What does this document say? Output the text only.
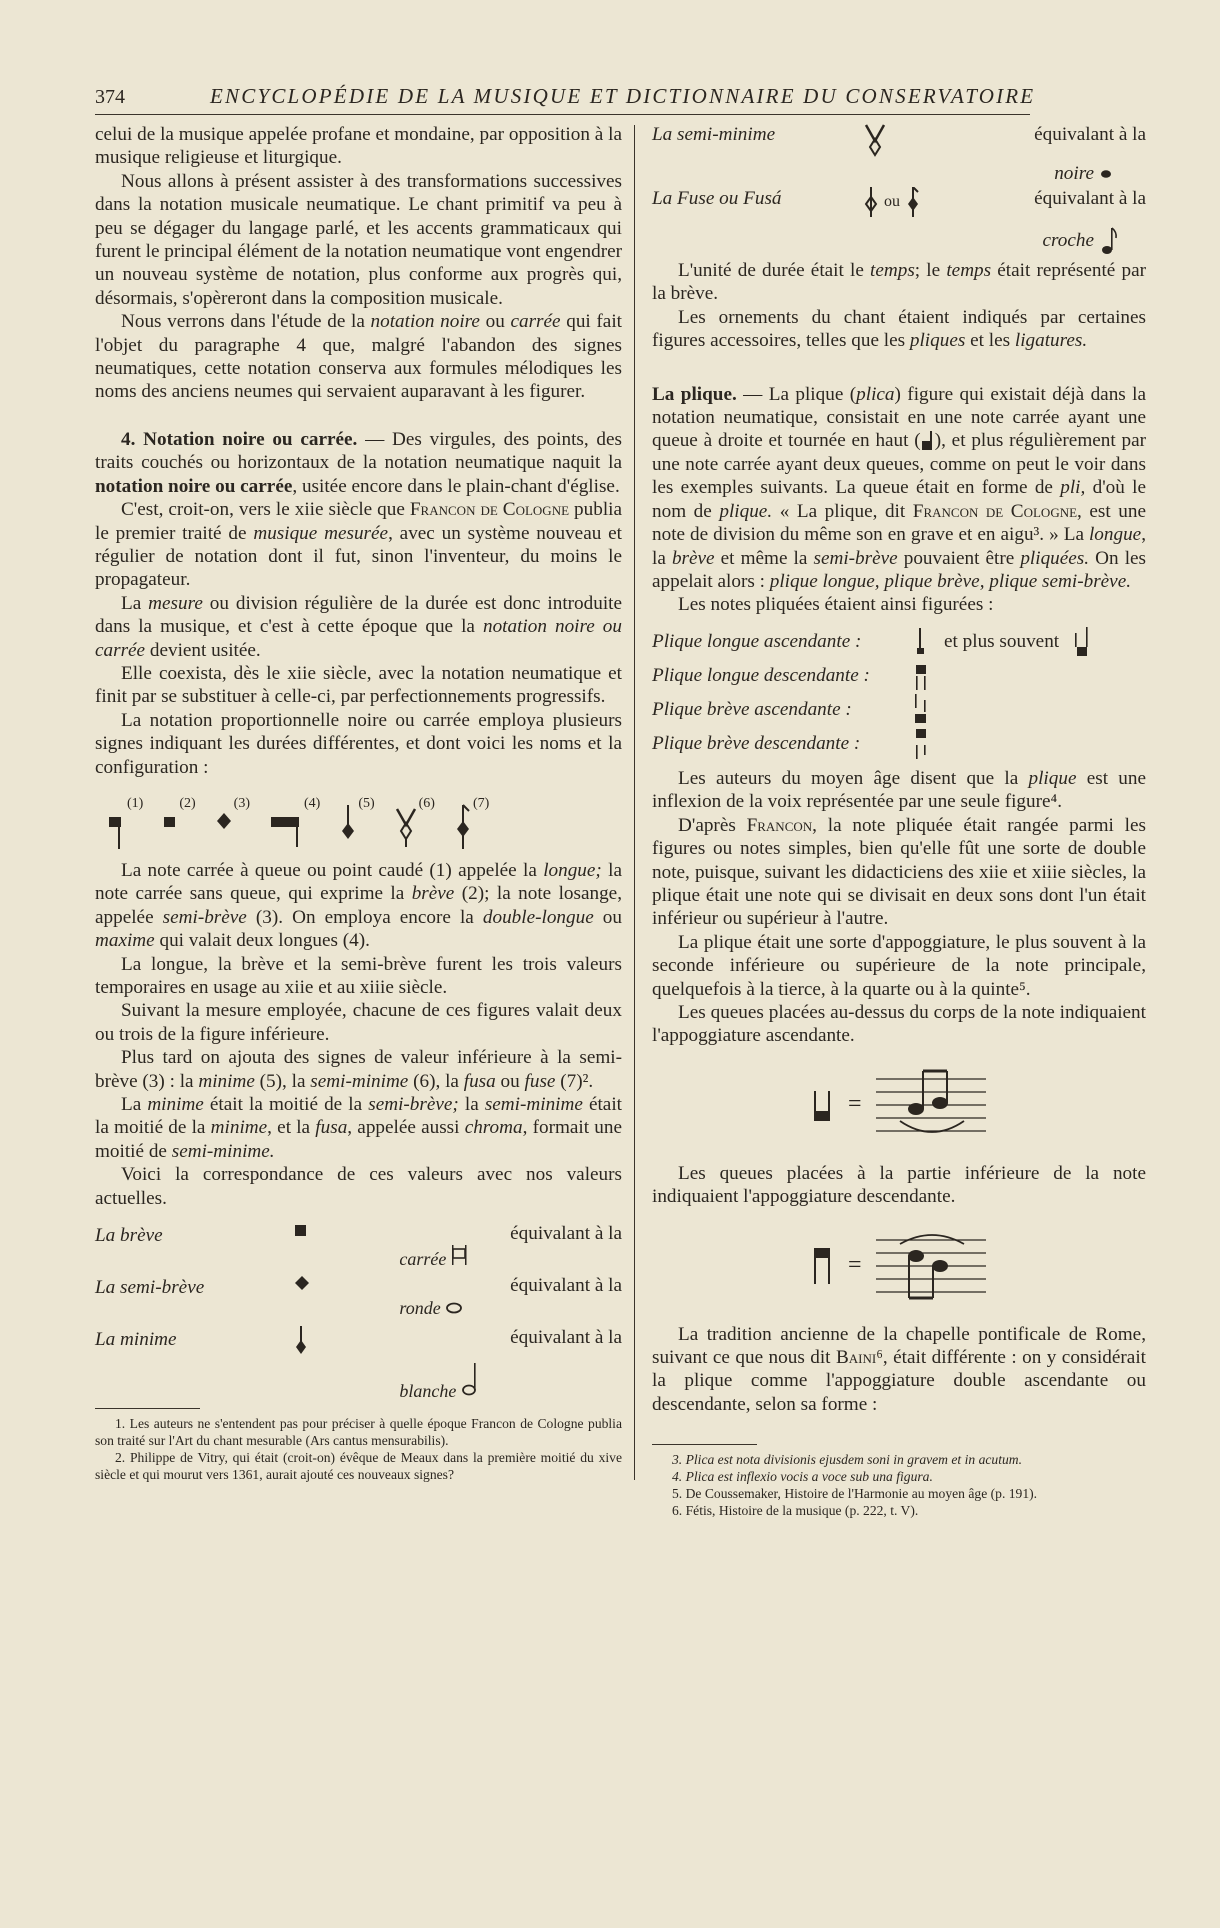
374	ENCYCLOPÉDIE DE LA MUSIQUE ET DICTIONNAIRE DU CONSERVATOIRE

celui de la musique appelée profane et mondaine, par opposition à la musique religieuse et liturgique.

Nous allons à présent assister à des transformations successives dans la notation musicale neumatique. Le chant primitif va peu à peu se dégager du langage parlé, et les accents grammaticaux qui furent le principal élément de la notation neumatique vont engendrer un nouveau système de notation, plus conforme aux progrès qui, désormais, s'opèreront dans la composition musicale.

Nous verrons dans l'étude de la notation noire ou carrée qui fait l'objet du paragraphe 4 que, malgré l'abandon des signes neumatiques, cette notation conserva aux formules mélodiques les noms des anciens neumes qui servaient auparavant à les figurer.

4. Notation noire ou carrée. — Des virgules, des points, des traits couchés ou horizontaux de la notation neumatique naquit la notation noire ou carrée, usitée encore dans le plain-chant d'église.

C'est, croit-on, vers le xiie siècle que Francon de Cologne publia le premier traité de musique mesurée, avec un système nouveau et régulier de notation dont il fut, sinon l'inventeur, du moins le propagateur.

La mesure ou division régulière de la durée est donc introduite dans la musique, et c'est à cette époque que la notation noire ou carrée devient usitée.

Elle coexista, dès le xiie siècle, avec la notation neumatique et finit par se substituer à celle-ci, par perfectionnements progressifs.

La notation proportionnelle noire ou carrée employa plusieurs signes indiquant les durées différentes, et dont voici les noms et la configuration :

(1)	(2)	(3)	(4)	(5)	(6)	(7)

La note carrée à queue ou point caudé (1) appelée la longue; la note carrée sans queue, qui exprime la brève (2); la note losange, appelée semi-brève (3). On employa encore la double-longue ou maxime qui valait deux longues (4).

La longue, la brève et la semi-brève furent les trois valeurs temporaires en usage au xiie et au xiiie siècle.

Suivant la mesure employée, chacune de ces figures valait deux ou trois de la figure inférieure.

Plus tard on ajouta des signes de valeur inférieure à la semi-brève (3) : la minime (5), la semi-minime (6), la fusa ou fuse (7)².

La minime était la moitié de la semi-brève; la semi-minime était la moitié de la minime, et la fusa, appelée aussi chroma, formait une moitié de semi-minime.

Voici la correspondance de ces valeurs avec nos valeurs actuelles.

La brève	équivalant à la
carrée
La semi-brève	équivalant à la
ronde
La minime	équivalant à la
blanche

1. Les auteurs ne s'entendent pas pour préciser à quelle époque Francon de Cologne publia son traité sur l'Art du chant mesurable (Ars cantus mensurabilis).

2. Philippe de Vitry, qui était (croit-on) évêque de Meaux dans la première moitié du xive siècle et qui mourut vers 1361, aurait ajouté ces nouveaux signes?

La semi-minime	équivalant à la
noire
La Fuse ou Fusá	ou	équivalant à la
croche

L'unité de durée était le temps; le temps était représenté par la brève.

Les ornements du chant étaient indiqués par certaines figures accessoires, telles que les pliques et les ligatures.

La plique. — La plique (plica) figure qui existait déjà dans la notation neumatique, consistait en une note carrée ayant une queue à droite et tournée en haut ( ), et plus régulièrement par une note carrée ayant deux queues, comme on peut le voir dans les exemples suivants. La queue était en forme de pli, d'où le nom de plique. « La plique, dit Francon de Cologne, est une note de division du même son en grave et en aigu³. » La longue, la brève et même la semi-brève pouvaient être pliquées. On les appelait alors : plique longue, plique brève, plique semi-brève.

Les notes pliquées étaient ainsi figurées :

Plique longue ascendante :	et plus souvent
Plique longue descendante :
Plique brève ascendante :
Plique brève descendante :

Les auteurs du moyen âge disent que la plique est une inflexion de la voix représentée par une seule figure⁴.

D'après Francon, la note pliquée était rangée parmi les figures ou notes simples, bien qu'elle fût une sorte de double note, puisque, suivant les didacticiens des xiie et xiiie siècles, la plique était une note qui se divisait en deux sons dont l'un était inférieur ou supérieur à l'autre.

La plique était une sorte d'appoggiature, le plus souvent à la seconde inférieure ou supérieure de la note principale, quelquefois à la tierce, à la quarte ou à la quinte⁵.

Les queues placées au-dessus du corps de la note indiquaient l'appoggiature ascendante.

=

Les queues placées à la partie inférieure de la note indiquaient l'appoggiature descendante.

=

La tradition ancienne de la chapelle pontificale de Rome, suivant ce que nous dit Baini⁶, était différente : on y considérait la plique comme l'appoggiature double ascendante ou descendante, selon sa forme :

3. Plica est nota divisionis ejusdem soni in gravem et in acutum.

4. Plica est inflexio vocis a voce sub una figura.

5. De Coussemaker, Histoire de l'Harmonie au moyen âge (p. 191).

6. Fétis, Histoire de la musique (p. 222, t. V).
